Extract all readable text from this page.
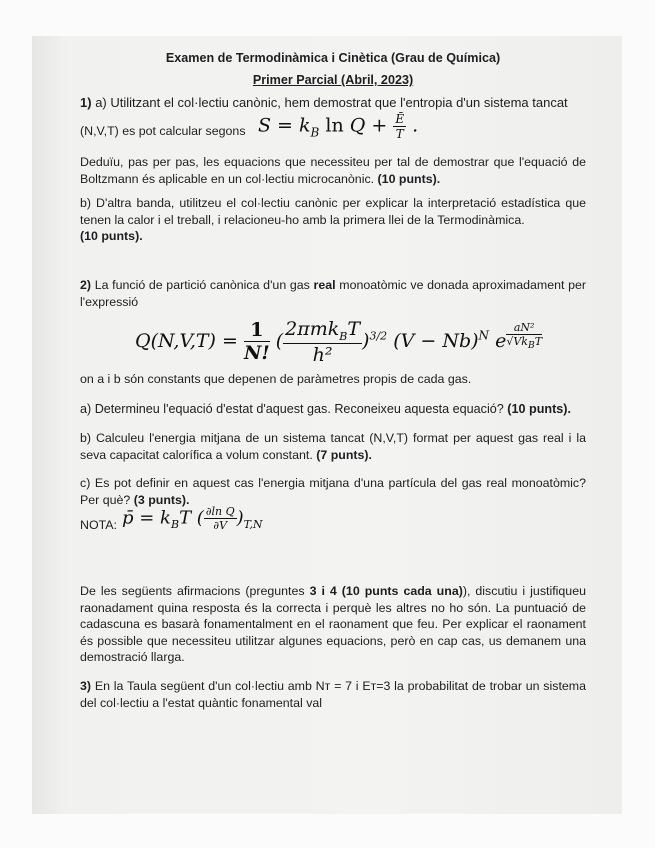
Examen de Termodinàmica i Cinètica (Grau de Química)
Primer Parcial (Abril, 2023)
1) a) Utilitzant el col·lectiu canònic, hem demostrat que l'entropia d'un sistema tancat
(N,V,T) es pot calcular segons $S = k_B$ $\ln Q + \frac{Ē}{T}$ .
Deduïu, pas per pas, les equacions que necessiteu per tal de demostrar que l'equació de Boltzmann és aplicable en un col·lectiu microcanònic. (10 punts).
b) D'altra banda, utilitzeu el col·lectiu canònic per explicar la interpretació estadística que tenen la calor i el treball, i relacioneu-ho amb la primera llei de la Termodinàmica.
(10 punts).
2) La funció de partició canònica d'un gas real monoatòmic ve donada aproximadament per l'expressió
$Q(N,V,T) = \frac{1}{N!}$ ( $\frac{2\pi mk_BT}{\text{h²}} )^{3/2}$ $(V - Nb)^N$ e $^{\frac{\text{aN²}}{√Vk_BT}}$
on a i b són constants que depenen de paràmetres propis de cada gas.
a) Determineu l'equació d'estat d'aquest gas. Reconeixeu aquesta equació? (10 punts).
b) Calculeu l'energia mitjana de un sistema tancat (N,V,T) format per aquest gas real i la seva capacitat calorífica a volum constant. (7 punts).
c) Es pot definir en aquest cas l'energia mitjana d'una partícula del gas real monoatòmic? Per què? (3 punts).
NOTA: p̄ = $k_BT$ ( $\frac{\text{∂ln Q}}{\partial V} )_{T,N}$
De les següents afirmacions (preguntes 3 i 4 (10 punts cada una)), discutiu i justifiqueu raonadament quina resposta és la correcta i perquè les altres no ho són. La puntuació de cadascuna es basarà fonamentalment en el raonament que feu. Per explicar el raonament és possible que necessiteu utilitzar algunes equacions, però en cap cas, us demanem una demostració llarga.
3) En la Taula següent d'un col·lectiu amb Nт = 7 i Eт=3 la probabilitat de trobar un sistema del col·lectiu a l'estat quàntic fonamental val
